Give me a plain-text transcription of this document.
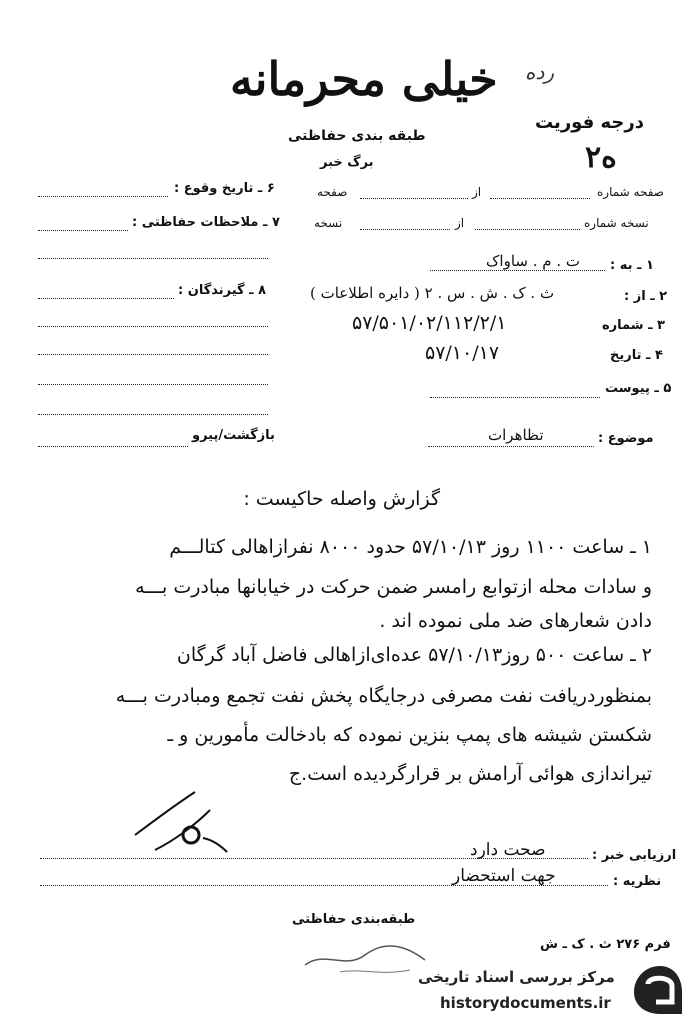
رده
خیلی محرمانه
طبقه بندی حفاظتی
درجه فوریت
۲ه
برگ خبر
۶ ـ تاریخ وقوع :
۷ ـ ملاحظات حفاظتی :
۸ ـ گیرندگان :
بازگشت/پیرو
صفحه شماره
از
صفحه
نسخه شماره
از
نسخه
۱ ـ به :
ت . م . ساواک
۲ ـ از :
ث . ک . ش . س . ۲ ( دایره اطلاعات )
۳ ـ شماره
۵۷/۵۰۱/۰۲/۱۱۲/۲/۱
۴ ـ تاریخ
۵۷/۱۰/۱۷
۵ ـ پیوست
موضوع :
تظاهرات
گزارش واصله حاکیست :
۱ ـ ساعت ۱۱۰۰ روز ۵۷/۱۰/۱۳ حدود ۸۰۰۰ نفرازاهالی کتالـــم
و سادات محله ازتوابع رامسر ضمن حرکت در خیابانها مبادرت بـــه
دادن شعارهای ضد ملی نموده اند .
۲ ـ ساعت ۵۰۰ روز۵۷/۱۰/۱۳ عده‌ای‌ازاهالی فاضل آباد گرگان
بمنظوردریافت نفت مصرفی درجایگاه پخش نفت تجمع ومبادرت بـــه
شکستن شیشه های پمپ بنزین نموده که بادخالت مأمورین و ـ
تیراندازی هوائی آرامش بر قرارگردیده است.ج
ارزیابی خبر :
صحت دارد
نظریه :
جهت استحضار
طبقه‌بندی حفاظتی
فرم ۲۷۶ ث . ک ـ ش
مرکز بررسی اسناد تاریخی
historydocuments.ir
